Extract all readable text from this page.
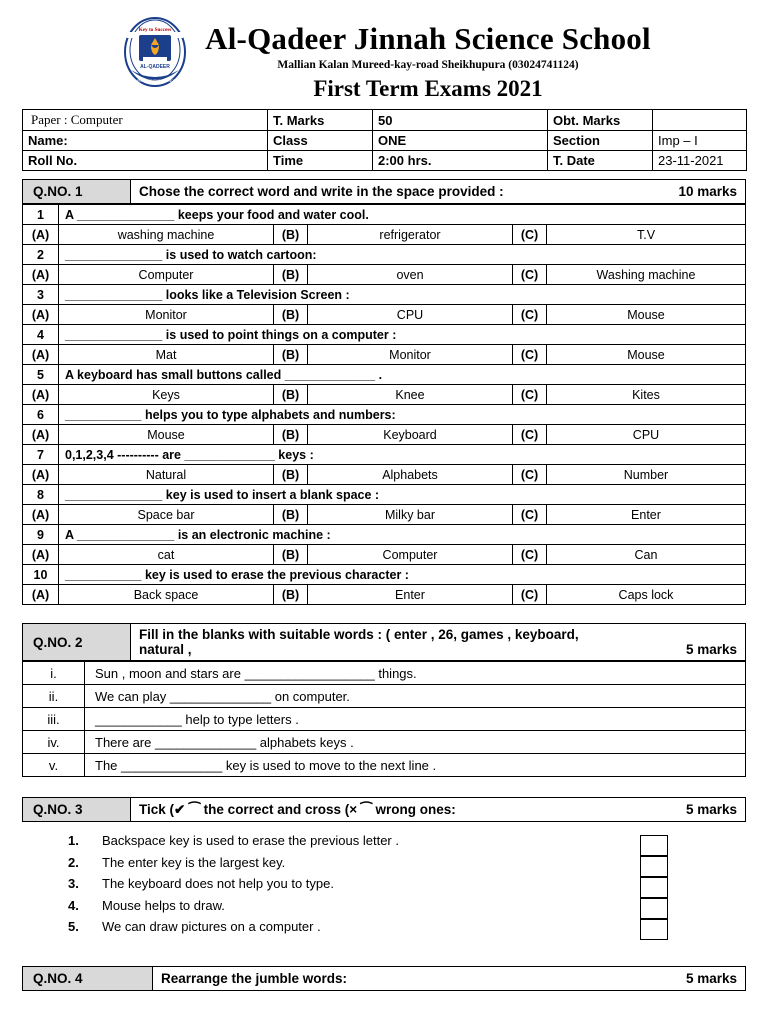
Key to Success
AL-QADEER
A ROOF OF EXCELLENCE
Al-Qadeer Jinnah Science School
Mallian Kalan Mureed-kay-road Sheikhupura (03024741124)
First Term Exams 2021
Paper : Computer	T. Marks	50	Obt. Marks	
Name:	Class	ONE	Section	Imp – I
Roll No.	Time	2:00 hrs.	T. Date	23-11-2021
Q.NO. 1	Chose the correct word and write in the space provided :	10 marks
1	A ______________ keeps your food and water cool.				
(A)	washing machine	(B)	refrigerator	(C)	T.V
2	______________ is used to watch cartoon:				
(A)	Computer	(B)	oven	(C)	Washing machine
3	______________ looks like a Television Screen :				
(A)	Monitor	(B)	CPU	(C)	Mouse
4	______________ is used to point things on a computer :				
(A)	Mat	(B)	Monitor	(C)	Mouse
5	A keyboard has small buttons called _____________ .				
(A)	Keys	(B)	Knee	(C)	Kites
6	___________ helps you to type alphabets and numbers:				
(A)	Mouse	(B)	Keyboard	(C)	CPU
7	0,1,2,3,4 ---------- are _____________ keys :				
(A)	Natural	(B)	Alphabets	(C)	Number
8	______________ key is used to insert a blank space :				
(A)	Space bar	(B)	Milky bar	(C)	Enter
9	A ______________ is an electronic machine :				
(A)	cat	(B)	Computer	(C)	Can
10	___________ key is used to erase the previous character :				
(A)	Back space	(B)	Enter	(C)	Caps lock
Q.NO. 2	Fill in the blanks with suitable words : ( enter , 26, games , keyboard,
natural ,	5 marks
i.	Sun , moon and stars are __________________ things.
ii.	We can play ______________ on computer.
iii.	____________ help to type letters .
iv.	There are ______________ alphabets keys .
v.	The ______________ key is used to move to the next line .
Q.NO. 3	Tick (✔ ⁀ the correct and cross (× ⁀ wrong ones:	5 marks
1.	Backspace key is used to erase the previous letter .
2.	The enter key is the largest key.
3.	The keyboard does not help you to type.
4.	Mouse helps to draw.
5.	We can draw pictures on a computer .
Q.NO. 4	Rearrange the jumble words:	5 marks
